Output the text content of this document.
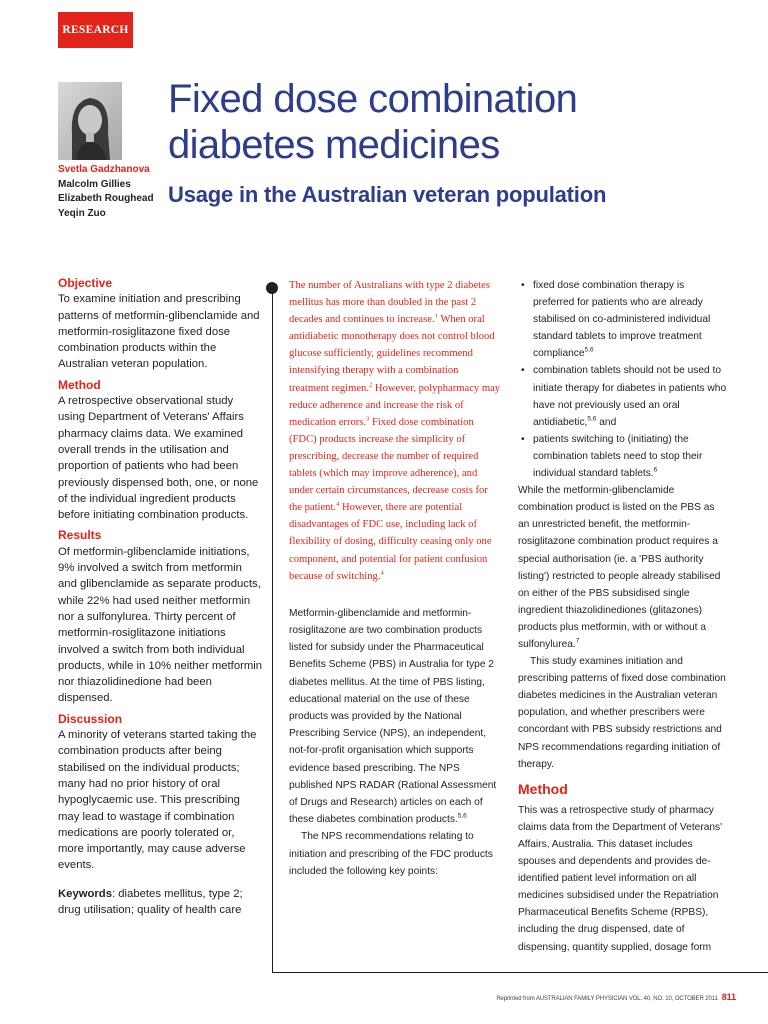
RESEARCH
Svetla Gadzhanova
Malcolm Gillies
Elizabeth Roughead
Yeqin Zuo
Fixed dose combination diabetes medicines
Usage in the Australian veteran population
Objective

To examine initiation and prescribing patterns of metformin-glibenclamide and metformin-rosiglitazone fixed dose combination products within the Australian veteran population.

Method

A retrospective observational study using Department of Veterans' Affairs pharmacy claims data. We examined overall trends in the utilisation and proportion of patients who had been previously dispensed both, one, or none of the individual ingredient products before initiating combination products.

Results

Of metformin-glibenclamide initiations, 9% involved a switch from metformin and glibenclamide as separate products, while 22% had used neither metformin nor a sulfonylurea. Thirty percent of metformin-rosiglitazone initiations involved a switch from both individual products, while in 10% neither metformin nor thiazolidinedione had been dispensed.

Discussion

A minority of veterans started taking the combination products after being stabilised on the individual products; many had no prior history of oral hypoglycaemic use. This prescribing may lead to wastage if combination medications are poorly tolerated or, more importantly, may cause adverse events.

Keywords: diabetes mellitus, type 2; drug utilisation; quality of health care

The number of Australians with type 2 diabetes mellitus has more than doubled in the past 2 decades and continues to increase.$^1$ When oral antidiabetic monotherapy does not control blood glucose sufficiently, guidelines recommend intensifying therapy with a combination treatment regimen.$^2$ However, polypharmacy may reduce adherence and increase the risk of medication errors.$^3$ Fixed dose combination (FDC) products increase the simplicity of prescribing, decrease the number of required tablets (which may improve adherence), and under certain circumstances, decrease costs for the patient.$^4$ However, there are potential disadvantages of FDC use, including lack of flexibility of dosing, difficulty ceasing only one component, and potential for patient confusion because of switching.$^4$

Metformin-glibenclamide and metformin-rosiglitazone are two combination products listed for subsidy under the Pharmaceutical Benefits Scheme (PBS) in Australia for type 2 diabetes mellitus. At the time of PBS listing, educational material on the use of these products was provided by the National Prescribing Service (NPS), an independent, not-for-profit organisation which supports evidence based prescribing. The NPS published NPS RADAR (Rational Assessment of Drugs and Research) articles on each of these diabetes combination products.$^{5,6}$

The NPS recommendations relating to initiation and prescribing of the FDC products included the following key points:

• fixed dose combination therapy is preferred for patients who are already stabilised on co-administered individual standard tablets to improve treatment compliance$^{5,6}$
• combination tablets should not be used to initiate therapy for diabetes in patients who have not previously used an oral antidiabetic,$^{5,6}$ and
• patients switching to (initiating) the combination tablets need to stop their individual standard tablets.$^6$

While the metformin-glibenclamide combination product is listed on the PBS as an unrestricted benefit, the metformin-rosiglitazone combination product requires a special authorisation (ie. a 'PBS authority listing') restricted to people already stabilised on either of the PBS subsidised single ingredient thiazolidinediones (glitazones) products plus metformin, with or without a sulfonylurea.$^7$

This study examines initiation and prescribing patterns of fixed dose combination diabetes medicines in the Australian veteran population, and whether prescribers were concordant with PBS subsidy restrictions and NPS recommendations regarding initiation of therapy.

Method

This was a retrospective study of pharmacy claims data from the Department of Veterans' Affairs, Australia. This dataset includes spouses and dependents and provides de-identified patient level information on all medicines subsidised under the Repatriation Pharmaceutical Benefits Scheme (RPBS), including the drug dispensed, date of dispensing, quantity supplied, dosage form

Reprinted from AUSTRALIAN FAMILY PHYSICIAN VOL. 40, NO. 10, OCTOBER 2011 811
